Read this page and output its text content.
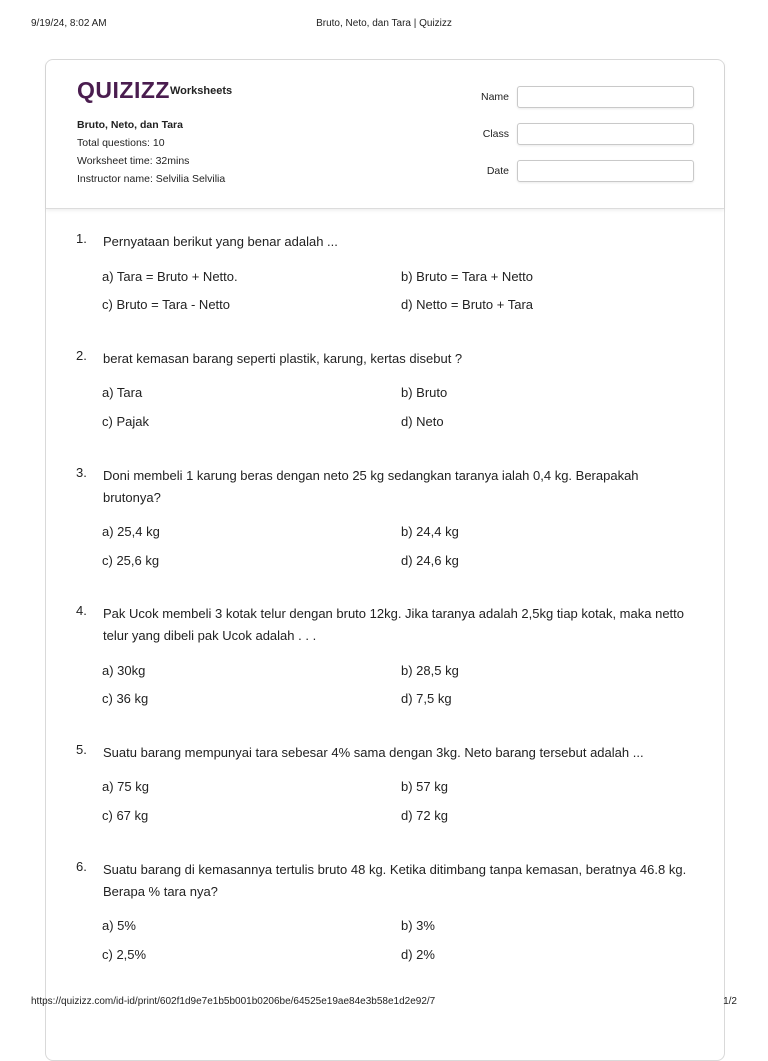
9/19/24, 8:02 AM	Bruto, Neto, dan Tara | Quizizz
QUIZIZZ Worksheets
Bruto, Neto, dan Tara
Total questions: 10
Worksheet time: 32mins
Instructor name: Selvilia Selvilia
Name
Class
Date
1. Pernyataan berikut yang benar adalah ...
a) Tara = Bruto + Netto.	b) Bruto = Tara + Netto
c) Bruto = Tara - Netto	d) Netto = Bruto + Tara
2. berat kemasan barang seperti plastik, karung, kertas disebut ?
a) Tara	b) Bruto
c) Pajak	d) Neto
3. Doni membeli 1 karung beras dengan neto 25 kg sedangkan taranya ialah 0,4 kg. Berapakah brutonya?
a) 25,4 kg	b) 24,4 kg
c) 25,6 kg	d) 24,6 kg
4. Pak Ucok membeli 3 kotak telur dengan bruto 12kg. Jika taranya adalah 2,5kg tiap kotak, maka netto telur yang dibeli pak Ucok adalah . . .
a) 30kg	b) 28,5 kg
c) 36 kg	d) 7,5 kg
5. Suatu barang mempunyai tara sebesar 4% sama dengan 3kg. Neto barang tersebut adalah ...
a) 75 kg	b) 57 kg
c) 67 kg	d) 72 kg
6. Suatu barang di kemasannya tertulis bruto 48 kg. Ketika ditimbang tanpa kemasan, beratnya 46.8 kg. Berapa % tara nya?
a) 5%	b) 3%
c) 2,5%	d) 2%
https://quizizz.com/id-id/print/602f1d9e7e1b5b001b0206be/64525e19ae84e3b58e1d2e92/7	1/2
